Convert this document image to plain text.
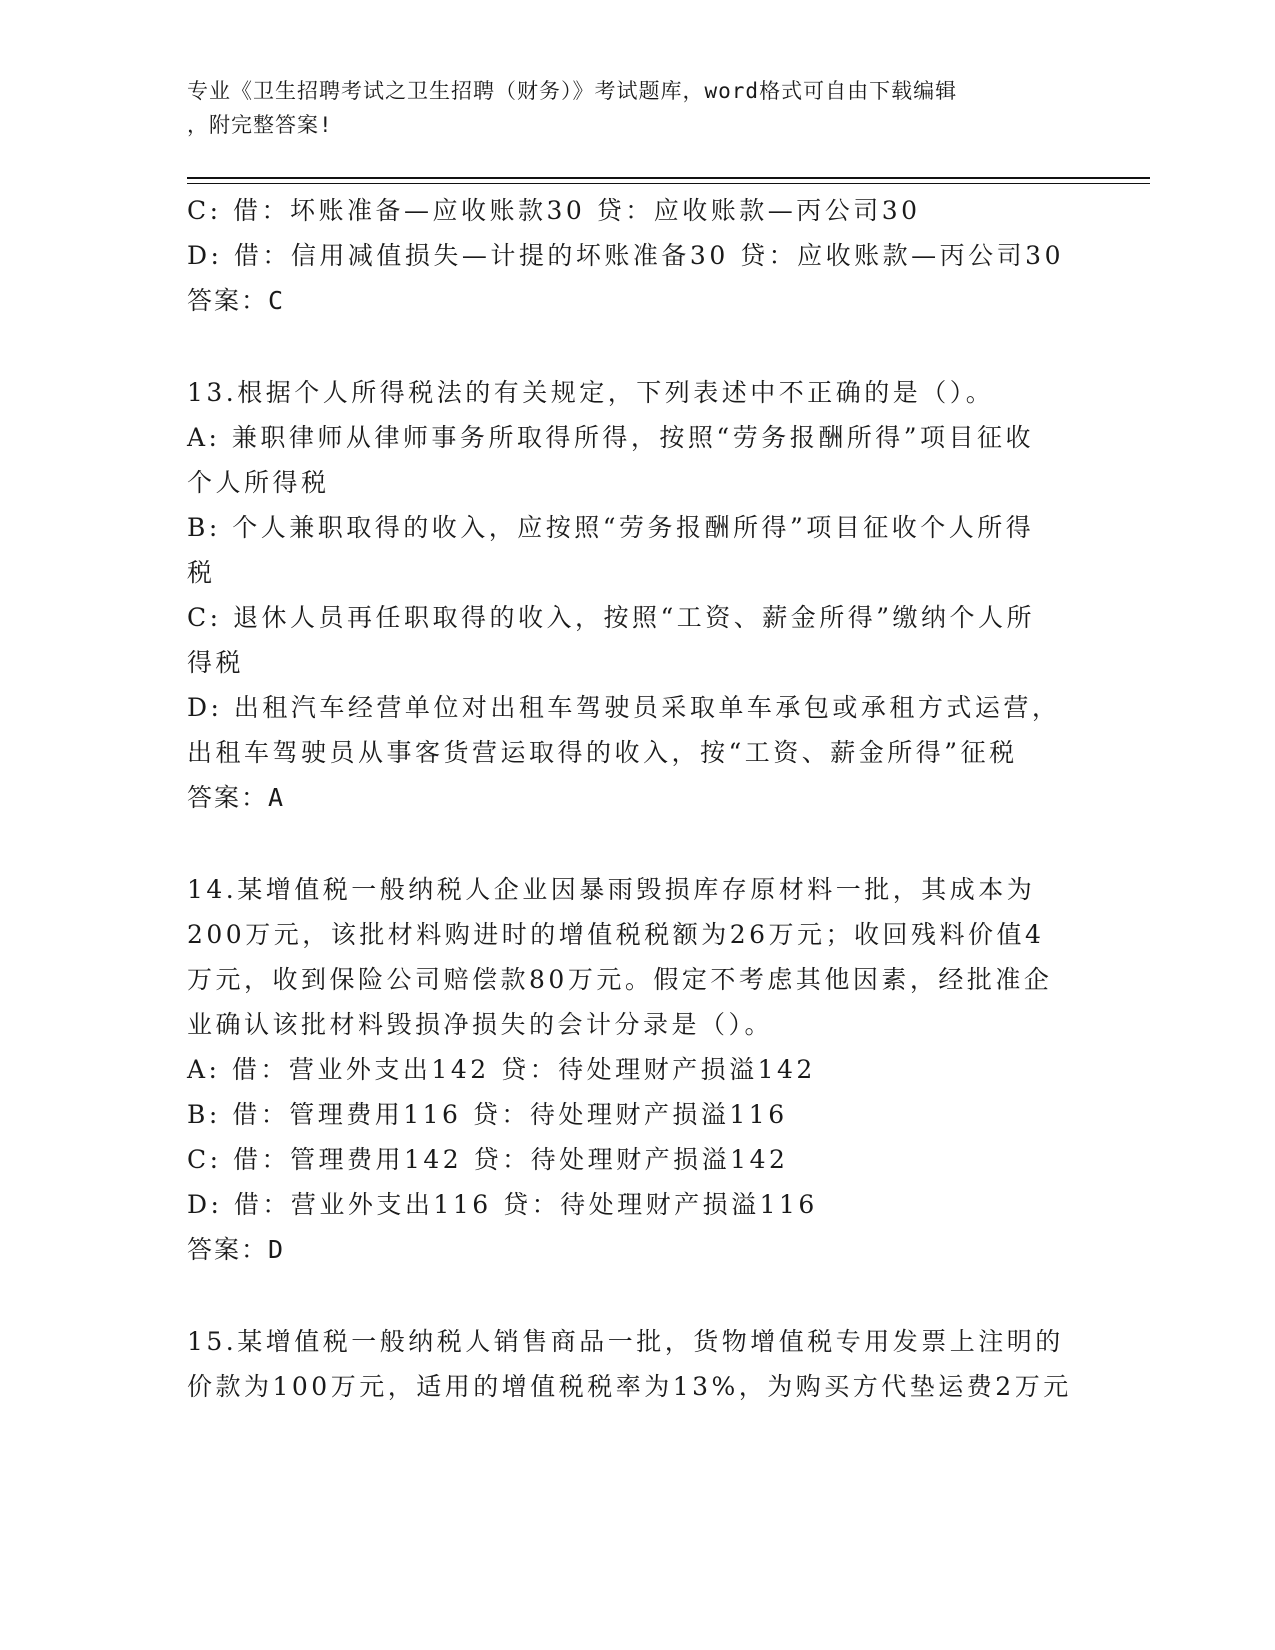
专业《卫生招聘考试之卫生招聘（财务）》考试题库，word格式可自由下载编辑
，附完整答案!
C: 借：坏账准备—应收账款30 贷：应收账款—丙公司30
D: 借：信用减值损失—计提的坏账准备30 贷：应收账款—丙公司30
答案：C
13.根据个人所得税法的有关规定，下列表述中不正确的是（）。
A: 兼职律师从律师事务所取得所得，按照“劳务报酬所得”项目征收
个人所得税
B: 个人兼职取得的收入，应按照“劳务报酬所得”项目征收个人所得
税
C: 退休人员再任职取得的收入，按照“工资、薪金所得”缴纳个人所
得税
D: 出租汽车经营单位对出租车驾驶员采取单车承包或承租方式运营，
出租车驾驶员从事客货营运取得的收入，按“工资、薪金所得”征税
答案：A
14.某增值税一般纳税人企业因暴雨毁损库存原材料一批，其成本为
200万元，该批材料购进时的增值税税额为26万元；收回残料价值4
万元，收到保险公司赔偿款80万元。假定不考虑其他因素，经批准企
业确认该批材料毁损净损失的会计分录是（）。
A: 借：营业外支出142 贷：待处理财产损溢142
B: 借：管理费用116 贷：待处理财产损溢116
C: 借：管理费用142 贷：待处理财产损溢142
D: 借：营业外支出116 贷：待处理财产损溢116
答案：D
15.某增值税一般纳税人销售商品一批，货物增值税专用发票上注明的
价款为100万元，适用的增值税税率为13%，为购买方代垫运费2万元
